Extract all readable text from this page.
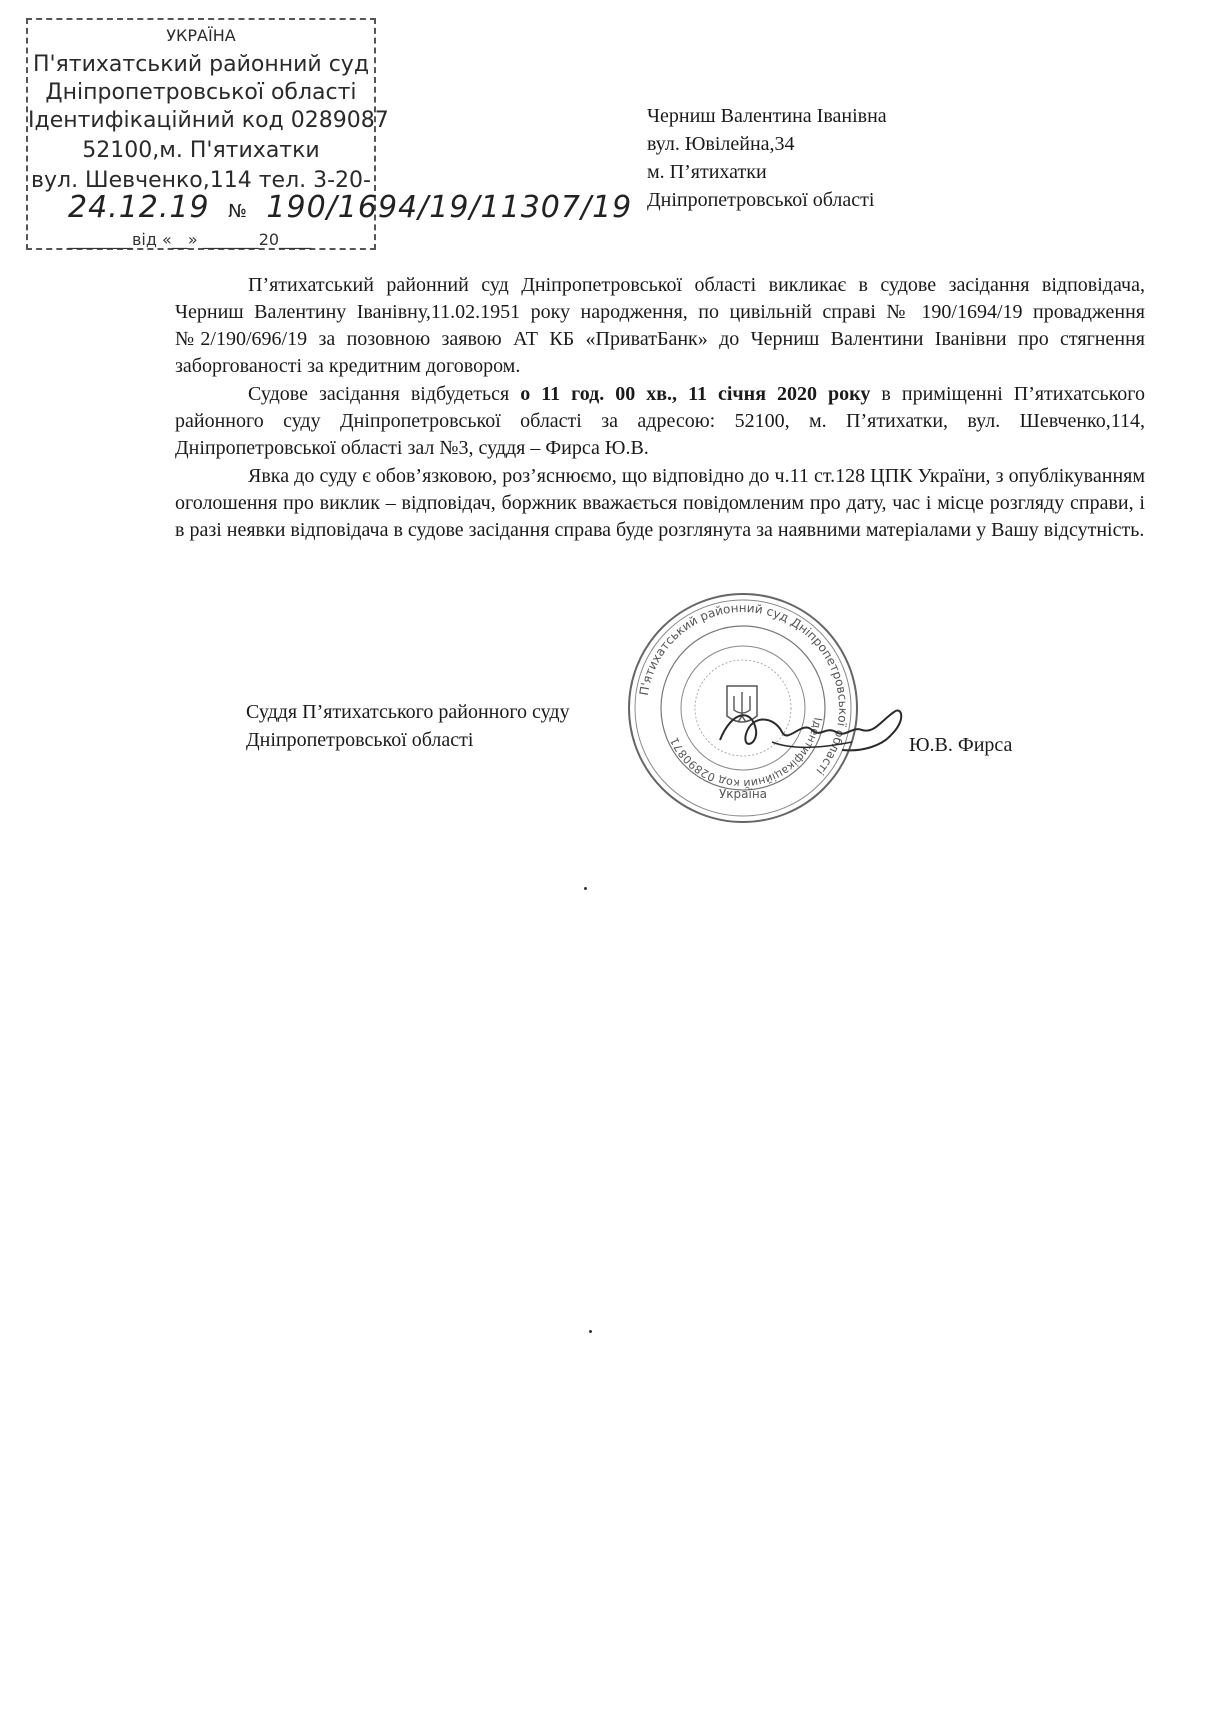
УКРАЇНА
П'ятихатський районний суд
Дніпропетровської області
Ідентифікаційний код 0289087
52100,м. П'ятихатки
вул. Шевченко,114 тел. 3-20-
24.12.19 № 190/1694/19/11307/19
________від «__» _______20____
Черниш Валентина Іванівна
вул. Ювілейна,34
м. П’ятихатки
Дніпропетровської області

П’ятихатський районний суд Дніпропетровської області викликає в судове засідання відповідача, Черниш Валентину Іванівну,11.02.1951 року народження, по цивільній справі № 190/1694/19 провадження №2/190/696/19 за позовною заявою АТ КБ «ПриватБанк» до Черниш Валентини Іванівни про стягнення заборгованості за кредитним договором.

Судове засідання відбудеться о 11 год. 00 хв., 11 січня 2020 року в приміщенні П’ятихатського районного суду Дніпропетровської області за адресою: 52100, м. П’ятихатки, вул. Шевченко,114, Дніпропетровської області зал №3, суддя – Фирса Ю.В.

Явка до суду є обов’язковою, роз’яснюємо, що відповідно до ч.11 ст.128 ЦПК України, з опублікуванням оголошення про виклик – відповідач, боржник вважається повідомленим про дату, час і місце розгляду справи, і в разі неявки відповідача в судове засідання справа буде розглянута за наявними матеріалами у Вашу відсутність.

П'ятихатський районний суд Дніпропетровської області
Ідентифікаційний код 02890871
Україна
Суддя П’ятихатського районного суду
Дніпропетровської області	Ю.В. Фирса
